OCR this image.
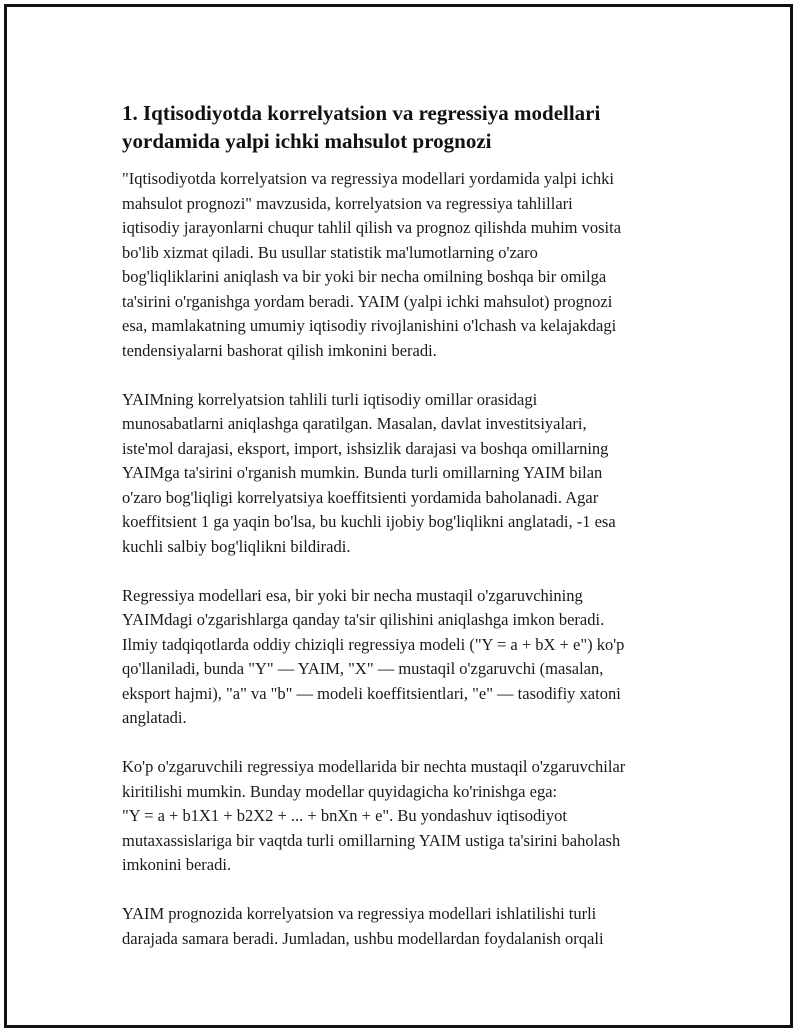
1. Iqtisodiyotda korrelyatsion va regressiya modellari
yordamida yalpi ichki mahsulot prognozi

"Iqtisodiyotda korrelyatsion va regressiya modellari yordamida yalpi ichki
mahsulot prognozi" mavzusida, korrelyatsion va regressiya tahlillari
iqtisodiy jarayonlarni chuqur tahlil qilish va prognoz qilishda muhim vosita
bo'lib xizmat qiladi. Bu usullar statistik ma'lumotlarning o'zaro
bog'liqliklarini aniqlash va bir yoki bir necha omilning boshqa bir omilga
ta'sirini o'rganishga yordam beradi. YAIM (yalpi ichki mahsulot) prognozi
esa, mamlakatning umumiy iqtisodiy rivojlanishini o'lchash va kelajakdagi
tendensiyalarni bashorat qilish imkonini beradi.

YAIMning korrelyatsion tahlili turli iqtisodiy omillar orasidagi
munosabatlarni aniqlashga qaratilgan. Masalan, davlat investitsiyalari,
iste'mol darajasi, eksport, import, ishsizlik darajasi va boshqa omillarning
YAIMga ta'sirini o'rganish mumkin. Bunda turli omillarning YAIM bilan
o'zaro bog'liqligi korrelyatsiya koeffitsienti yordamida baholanadi. Agar
koeffitsient 1 ga yaqin bo'lsa, bu kuchli ijobiy bog'liqlikni anglatadi, -1 esa
kuchli salbiy bog'liqlikni bildiradi.

Regressiya modellari esa, bir yoki bir necha mustaqil o'zgaruvchining
YAIMdagi o'zgarishlarga qanday ta'sir qilishini aniqlashga imkon beradi.
Ilmiy tadqiqotlarda oddiy chiziqli regressiya modeli ("Y = a + bX + e") ko'p
qo'llaniladi, bunda "Y" — YAIM, "X" — mustaqil o'zgaruvchi (masalan,
eksport hajmi), "a" va "b" — modeli koeffitsientlari, "e" — tasodifiy xatoni
anglatadi.

Ko'p o'zgaruvchili regressiya modellarida bir nechta mustaqil o'zgaruvchilar
kiritilishi mumkin. Bunday modellar quyidagicha ko'rinishga ega:
"Y = a + b1X1 + b2X2 + ... + bnXn + e". Bu yondashuv iqtisodiyot
mutaxassislariga bir vaqtda turli omillarning YAIM ustiga ta'sirini baholash
imkonini beradi.

YAIM prognozida korrelyatsion va regressiya modellari ishlatilishi turli
darajada samara beradi. Jumladan, ushbu modellardan foydalanish orqali
